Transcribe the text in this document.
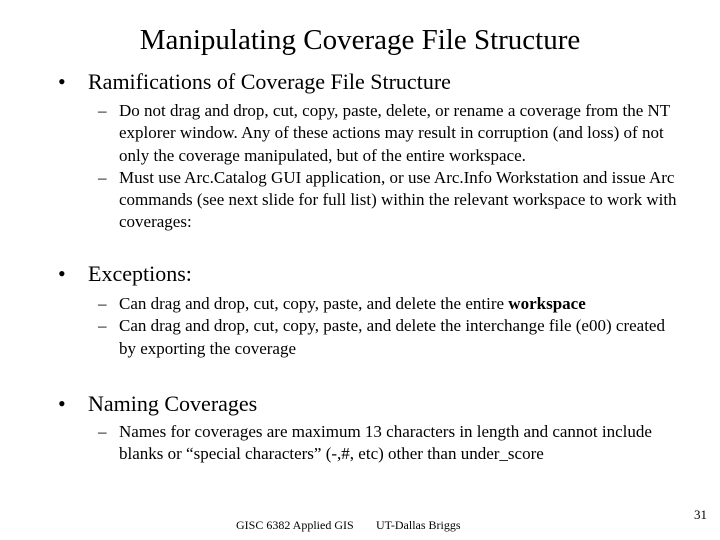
Manipulating Coverage File Structure
•	Ramifications of Coverage File Structure
– Do not drag and drop, cut, copy, paste, delete, or rename a coverage from the NT explorer window. Any of these actions may result in corruption (and loss) of not only the coverage manipulated, but of the entire workspace.
– Must use Arc.Catalog GUI application, or use Arc.Info Workstation and issue Arc commands (see next slide for full list) within the relevant workspace to work with coverages:
•	Exceptions:
– Can drag and drop, cut, copy, paste, and delete the entire workspace
– Can drag and drop, cut, copy, paste, and delete the interchange file (e00) created by exporting the coverage
•	Naming Coverages
– Names for coverages are maximum 13 characters in length and cannot include blanks or “special characters” (-,#, etc) other than under_score
GISC 6382 Applied GIS UT-Dallas Briggs
31
